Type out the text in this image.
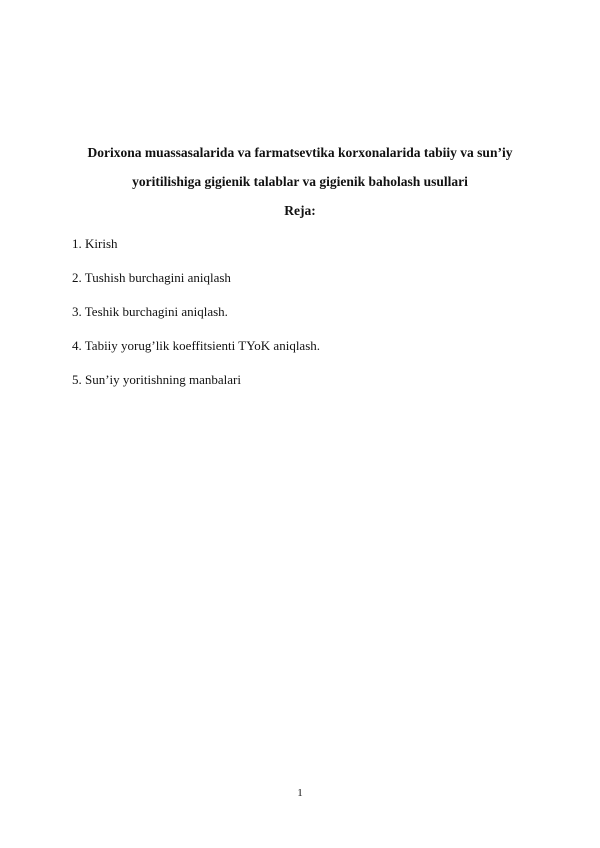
Dorixona muassasalarida va farmatsevtika korxonalarida tabiiy va sun’iy
yoritilishiga gigienik talablar va gigienik baholash usullari
Reja:
1. Kirish
2. Tushish burchagini aniqlash
3. Teshik burchagini aniqlash.
4. Tabiiy yorug’lik koeffitsienti TYoK aniqlash.
5. Sun’iy yoritishning manbalari
1
